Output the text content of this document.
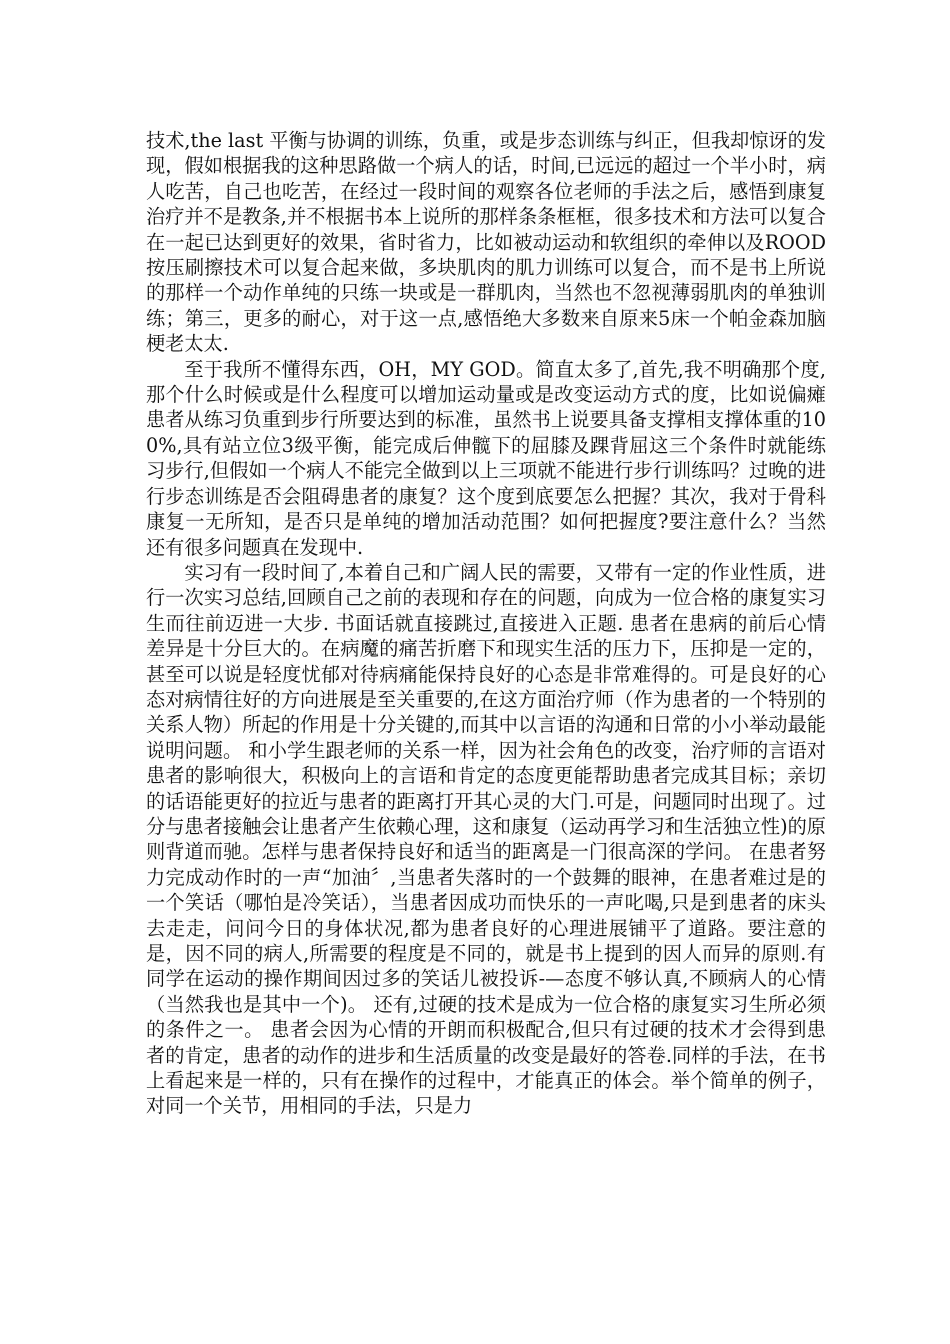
技术,the last 平衡与协调的训练，负重，或是步态训练与纠正，但我却惊讶的发现，假如根据我的这种思路做一个病人的话，时间,已远远的超过一个半小时，病人吃苦，自己也吃苦，在经过一段时间的观察各位老师的手法之后，感悟到康复治疗并不是教条,并不根据书本上说所的那样条条框框，很多技术和方法可以复合在一起已达到更好的效果，省时省力，比如被动运动和软组织的牵伸以及ROOD按压刷擦技术可以复合起来做，多块肌肉的肌力训练可以复合，而不是书上所说的那样一个动作单纯的只练一块或是一群肌肉，当然也不忽视薄弱肌肉的单独训练；第三，更多的耐心，对于这一点,感悟绝大多数来自原来5床一个帕金森加脑梗老太太.

至于我所不懂得东西，OH，MY GOD。简直太多了,首先,我不明确那个度,那个什么时候或是什么程度可以增加运动量或是改变运动方式的度，比如说偏瘫患者从练习负重到步行所要达到的标准，虽然书上说要具备支撑相支撑体重的100%,具有站立位3级平衡，能完成后伸髋下的屈膝及踝背屈这三个条件时就能练习步行,但假如一个病人不能完全做到以上三项就不能进行步行训练吗？过晚的进行步态训练是否会阻碍患者的康复？这个度到底要怎么把握？其次，我对于骨科康复一无所知，是否只是单纯的增加活动范围？如何把握度?要注意什么？当然还有很多问题真在发现中.

实习有一段时间了,本着自己和广阔人民的需要，又带有一定的作业性质，进行一次实习总结,回顾自己之前的表现和存在的问题，向成为一位合格的康复实习生而往前迈进一大步. 书面话就直接跳过,直接进入正题. 患者在患病的前后心情差异是十分巨大的。在病魔的痛苦折磨下和现实生活的压力下，压抑是一定的，甚至可以说是轻度忧郁对待病痛能保持良好的心态是非常难得的。可是良好的心态对病情往好的方向进展是至关重要的,在这方面治疗师（作为患者的一个特别的关系人物）所起的作用是十分关键的,而其中以言语的沟通和日常的小小举动最能说明问题。 和小学生跟老师的关系一样，因为社会角色的改变，治疗师的言语对患者的影响很大，积极向上的言语和肯定的态度更能帮助患者完成其目标；亲切的话语能更好的拉近与患者的距离打开其心灵的大门.可是，问题同时出现了。过分与患者接触会让患者产生依赖心理，这和康复（运动再学习和生活独立性)的原则背道而驰。怎样与患者保持良好和适当的距离是一门很高深的学问。 在患者努力完成动作时的一声“加油〞,当患者失落时的一个鼓舞的眼神，在患者难过是的一个笑话（哪怕是冷笑话），当患者因成功而快乐的一声叱喝,只是到患者的床头去走走，问问今日的身体状况,都为患者良好的心理进展铺平了道路。要注意的是，因不同的病人,所需要的程度是不同的，就是书上提到的因人而异的原则.有同学在运动的操作期间因过多的笑话儿被投诉-—态度不够认真,不顾病人的心情（当然我也是其中一个)。 还有,过硬的技术是成为一位合格的康复实习生所必须的条件之一。 患者会因为心情的开朗而积极配合,但只有过硬的技术才会得到患者的肯定，患者的动作的进步和生活质量的改变是最好的答卷.同样的手法，在书上看起来是一样的，只有在操作的过程中，才能真正的体会。举个简单的例子，对同一个关节，用相同的手法，只是力
